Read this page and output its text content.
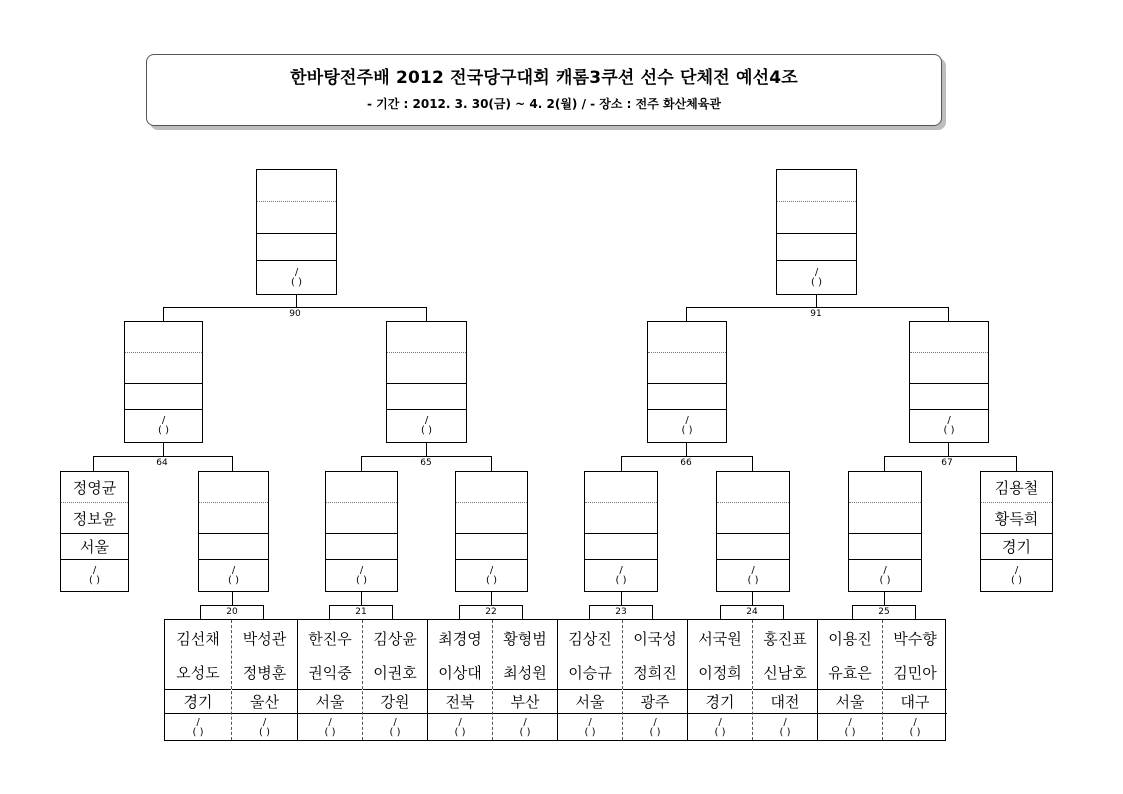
한바탕전주배 2012 전국당구대회 캐롬3쿠션 선수 단체전 예선4조
- 기간 : 2012. 3. 30(금) ~ 4. 2(월) / - 장소 : 전주 화산체육관
/
( )
/
( )
/
( )
/
( )
/
( )
/
( )
정영균
정보윤
서울
/
( )
/
( )
/
( )
/
( )
/
( )
/
( )
/
( )
김용철
황득희
경기
/
( )
90	91
64	65	66	67
김선채
오성도
경기
/
( )
박성관
정병훈
울산
/
( )
한진우
권익중
서울
/
( )
김상윤
이권호
강원
/
( )
최경영
이상대
전북
/
( )
황형범
최성원
부산
/
( )
김상진
이승규
서울
/
( )
이국성
정희진
광주
/
( )
서국원
이정희
경기
/
( )
홍진표
신남호
대전
/
( )
이용진
유효은
서울
/
( )
박수향
김민아
대구
/
( )
20	21	22	23	24	25
